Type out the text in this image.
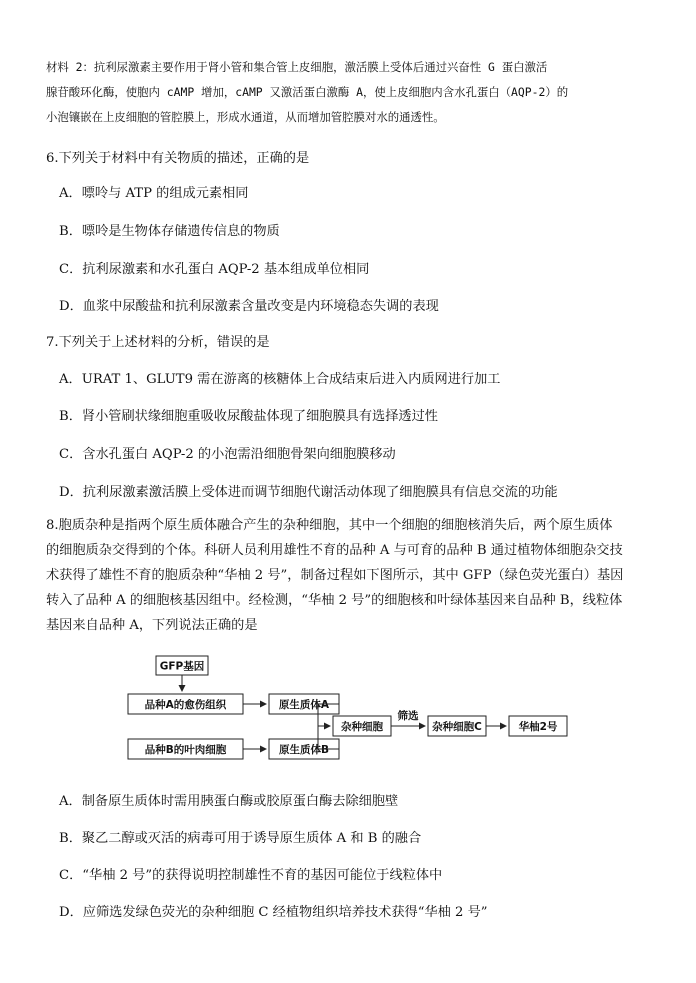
材料 2：抗利尿激素主要作用于肾小管和集合管上皮细胞，激活膜上受体后通过兴奋性 G 蛋白激活
腺苷酸环化酶，使胞内 cAMP 增加，cAMP 又激活蛋白激酶 A，使上皮细胞内含水孔蛋白（AQP-2）的
小泡镶嵌在上皮细胞的管腔膜上，形成水通道，从而增加管腔膜对水的通透性。
6.下列关于材料中有关物质的描述，正确的是
A．嘌呤与 ATP 的组成元素相同
B．嘌呤是生物体存储遗传信息的物质
C．抗利尿激素和水孔蛋白 AQP-2 基本组成单位相同
D．血浆中尿酸盐和抗利尿激素含量改变是内环境稳态失调的表现
7.下列关于上述材料的分析，错误的是
A．URAT 1、GLUT9 需在游离的核糖体上合成结束后进入内质网进行加工
B．肾小管刷状缘细胞重吸收尿酸盐体现了细胞膜具有选择透过性
C．含水孔蛋白 AQP-2 的小泡需沿细胞骨架向细胞膜移动
D．抗利尿激素激活膜上受体进而调节细胞代谢活动体现了细胞膜具有信息交流的功能
8.胞质杂种是指两个原生质体融合产生的杂种细胞，其中一个细胞的细胞核消失后，两个原生质体
的细胞质杂交得到的个体。科研人员利用雄性不育的品种 A 与可育的品种 B 通过植物体细胞杂交技
术获得了雄性不育的胞质杂种“华柚 2 号”，制备过程如下图所示，其中 GFP（绿色荧光蛋白）基因
转入了品种 A 的细胞核基因组中。经检测，“华柚 2 号”的细胞核和叶绿体基因来自品种 B，线粒体
基因来自品种 A，下列说法正确的是
GFP基因
品种A的愈伤组织	原生质体A
品种B的叶肉细胞	原生质体B
杂种细胞
筛选
杂种细胞C	华柚2号
A．制备原生质体时需用胰蛋白酶或胶原蛋白酶去除细胞壁
B．聚乙二醇或灭活的病毒可用于诱导原生质体 A 和 B 的融合
C．“华柚 2 号”的获得说明控制雄性不育的基因可能位于线粒体中
D．应筛选发绿色荧光的杂种细胞 C 经植物组织培养技术获得“华柚 2 号”
